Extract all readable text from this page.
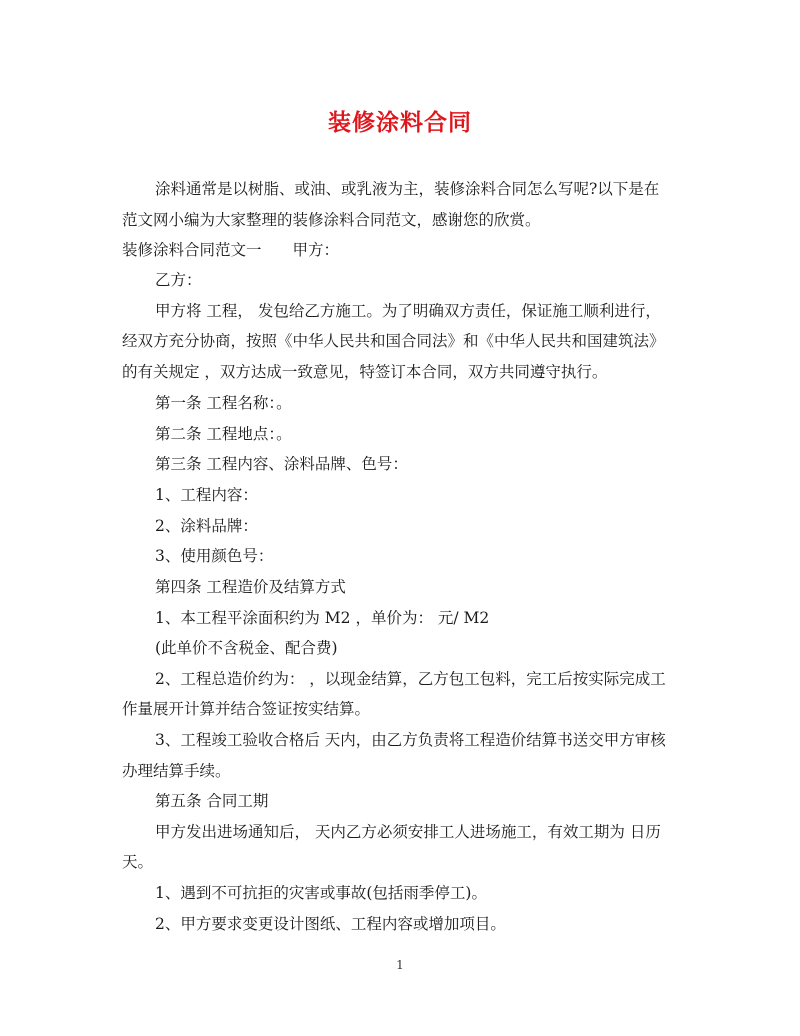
装修涂料合同
涂料通常是以树脂、或油、或乳液为主，装修涂料合同怎么写呢?以下是在
范文网小编为大家整理的装修涂料合同范文，感谢您的欣赏。
装修涂料合同范文一　　甲方：
乙方：
甲方将 工程， 发包给乙方施工。为了明确双方责任，保证施工顺利进行，
经双方充分协商，按照《中华人民共和国合同法》和《中华人民共和国建筑法》
的有关规定 ，双方达成一致意见，特签订本合同，双方共同遵守执行。
第一条 工程名称：。
第二条 工程地点：。
第三条 工程内容、涂料品牌、色号：
1、工程内容：
2、涂料品牌：
3、使用颜色号：
第四条 工程造价及结算方式
1、本工程平涂面积约为 M2 ，单价为： 元/ M2
(此单价不含税金、配合费)
2、工程总造价约为： ，以现金结算，乙方包工包料，完工后按实际完成工
作量展开计算并结合签证按实结算。
3、工程竣工验收合格后 天内，由乙方负责将工程造价结算书送交甲方审核
办理结算手续。
第五条 合同工期
甲方发出进场通知后， 天内乙方必须安排工人进场施工，有效工期为 日历
天。
1、遇到不可抗拒的灾害或事故(包括雨季停工)。
2、甲方要求变更设计图纸、工程内容或增加项目。
1
